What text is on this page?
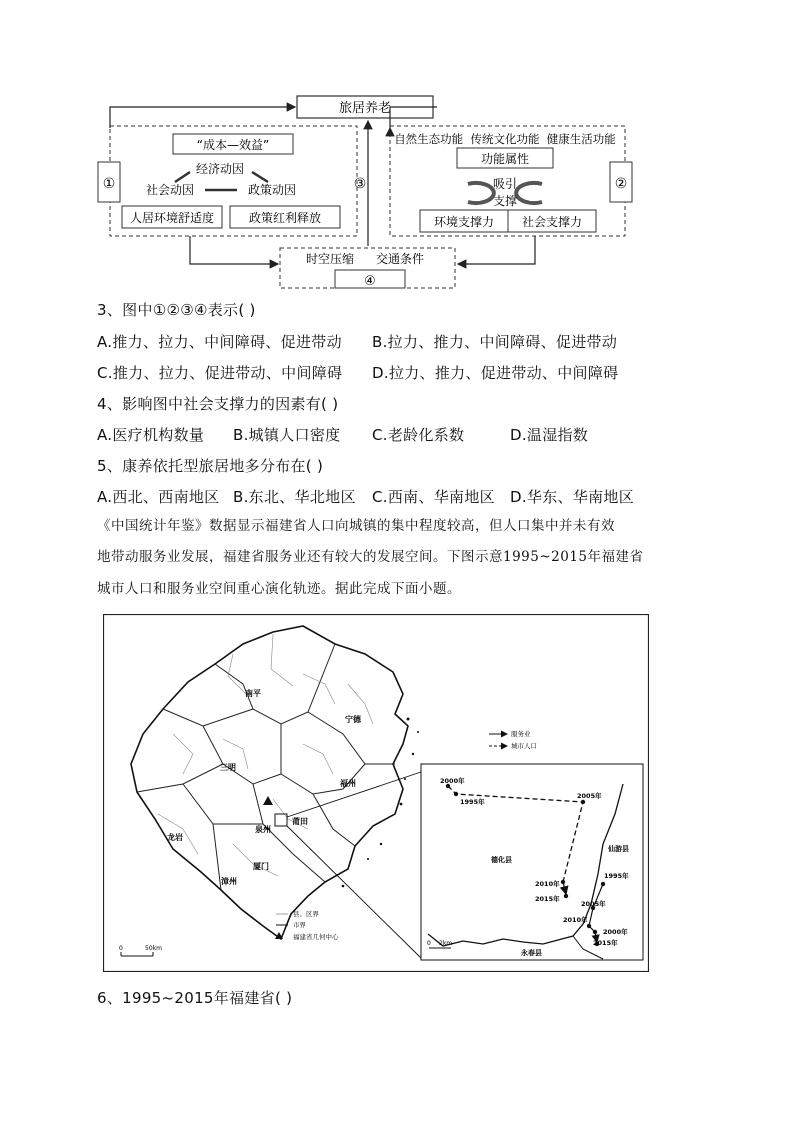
旅居养老
①
“成本—效益”
经济动因
社会动因	政策动因
人居环境舒适度	政策红利释放
③	②
自然生态功能  传统文化功能  健康生活功能
功能属性
吸引
支撑
环境支撑力 社会支撑力
时空压缩 交通条件
④
3、图中①②③④表示( )
A.推力、拉力、中间障碍、促进带动 B.拉力、推力、中间障碍、促进带动
C.推力、拉力、促进带动、中间障碍 D.拉力、推力、促进带动、中间障碍
4、影响图中社会支撑力的因素有( )
A.医疗机构数量 B.城镇人口密度 C.老龄化系数	D.温湿指数
5、康养依托型旅居地多分布在( )
A.西北、西南地区 B.东北、华北地区 C.西南、华南地区 D.华东、华南地区
《中国统计年鉴》数据显示福建省人口向城镇的集中程度较高，但人口集中并未有效
地带动服务业发展，福建省服务业还有较大的发展空间。下图示意1995~2015年福建省
城市人口和服务业空间重心演化轨迹。据此完成下面小题。
南平
宁德
三明
福州
龙岩
泉州
莆田
厦门
漳州
县、区界
市界
福建省几何中心
0	50km
服务业
城市人口
2000年
1995年
2005年
2010年
2015年
1995年
2005年
2010年
2000年
2015年
德化县
仙游县
永春县
0 2km
6、1995~2015年福建省( )
